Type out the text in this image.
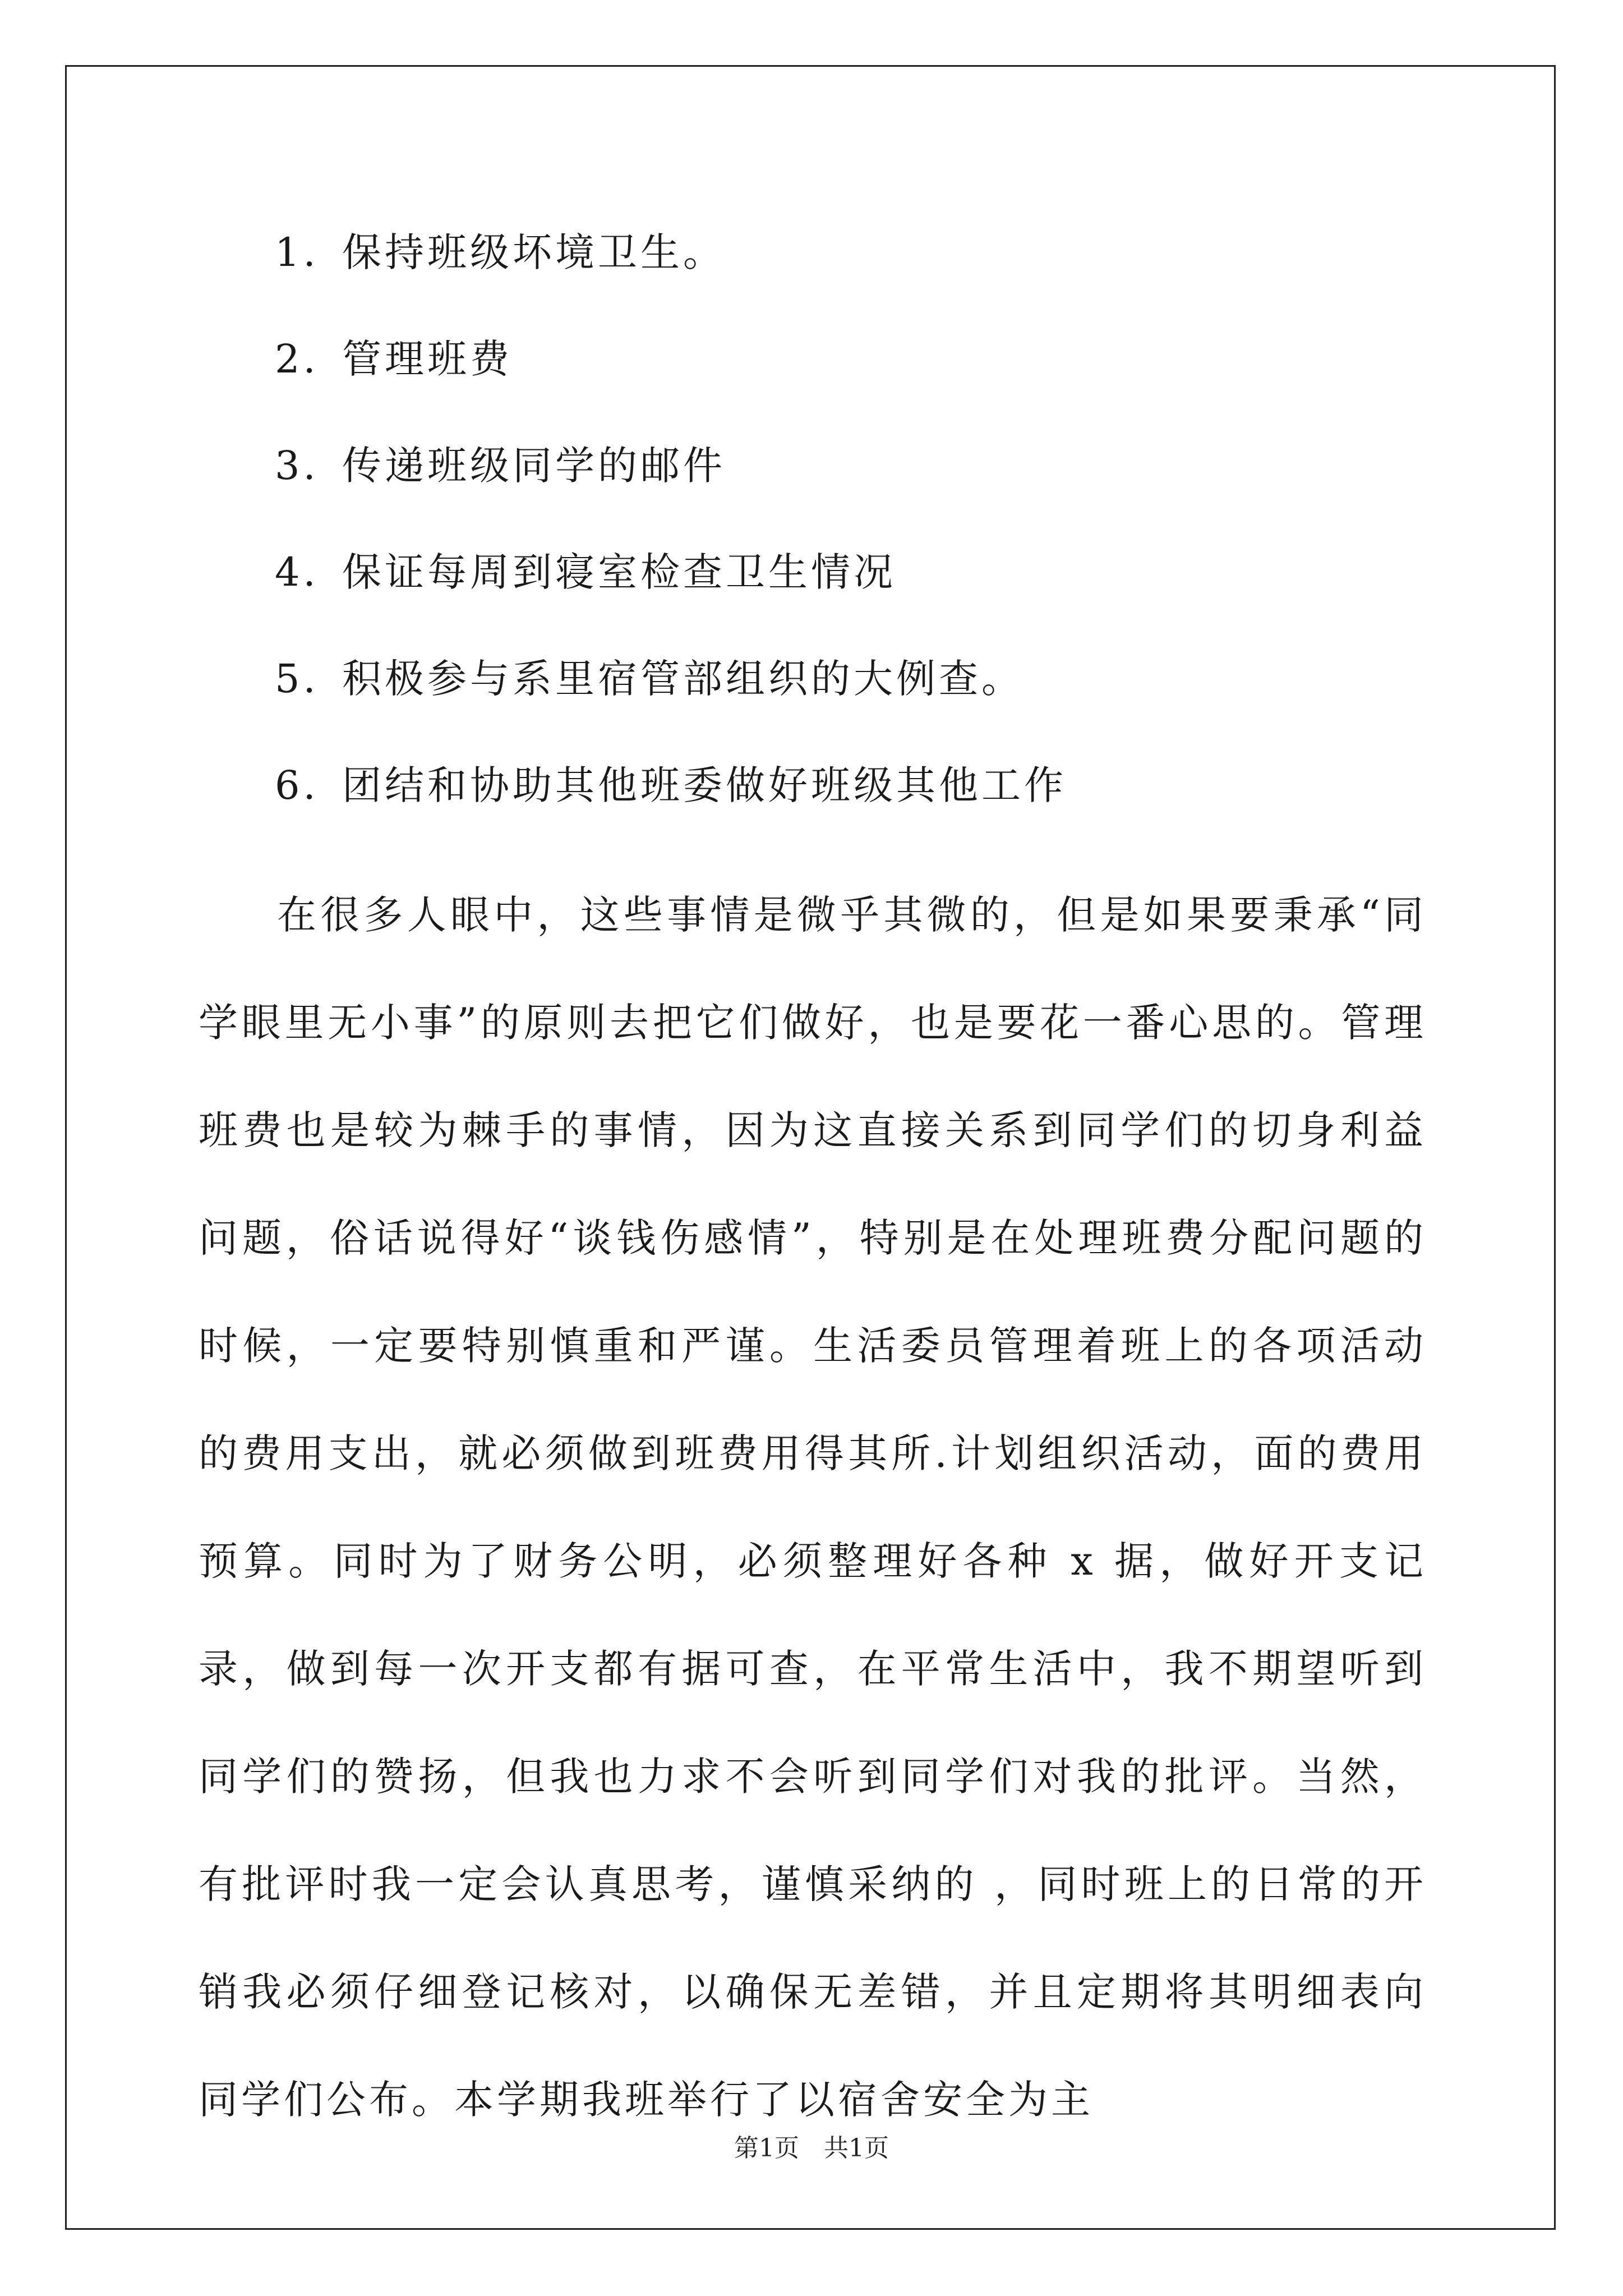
1. 保持班级坏境卫生。
2. 管理班费
3. 传递班级同学的邮件
4. 保证每周到寝室检查卫生情况
5. 积极参与系里宿管部组织的大例查。
6. 团结和协助其他班委做好班级其他工作

在很多人眼中，这些事情是微乎其微的，但是如果要秉承“同学眼里无小事”的原则去把它们做好，也是要花一番心思的。管理班费也是较为棘手的事情，因为这直接关系到同学们的切身利益问题，俗话说得好“谈钱伤感情”，特别是在处理班费分配问题的时候，一定要特别慎重和严谨。生活委员管理着班上的各项活动的费用支出，就必须做到班费用得其所.计划组织活动，面的费用预算。同时为了财务公明，必须整理好各种 x 据，做好开支记录，做到每一次开支都有据可查，在平常生活中，我不期望听到同学们的赞扬，但我也力求不会听到同学们对我的批评。当然，有批评时我一定会认真思考，谨慎采纳的 ，同时班上的日常的开销我必须仔细登记核对，以确保无差错，并且定期将其明细表向同学们公布。本学期我班举行了以宿舍安全为主

第1页　共1页
